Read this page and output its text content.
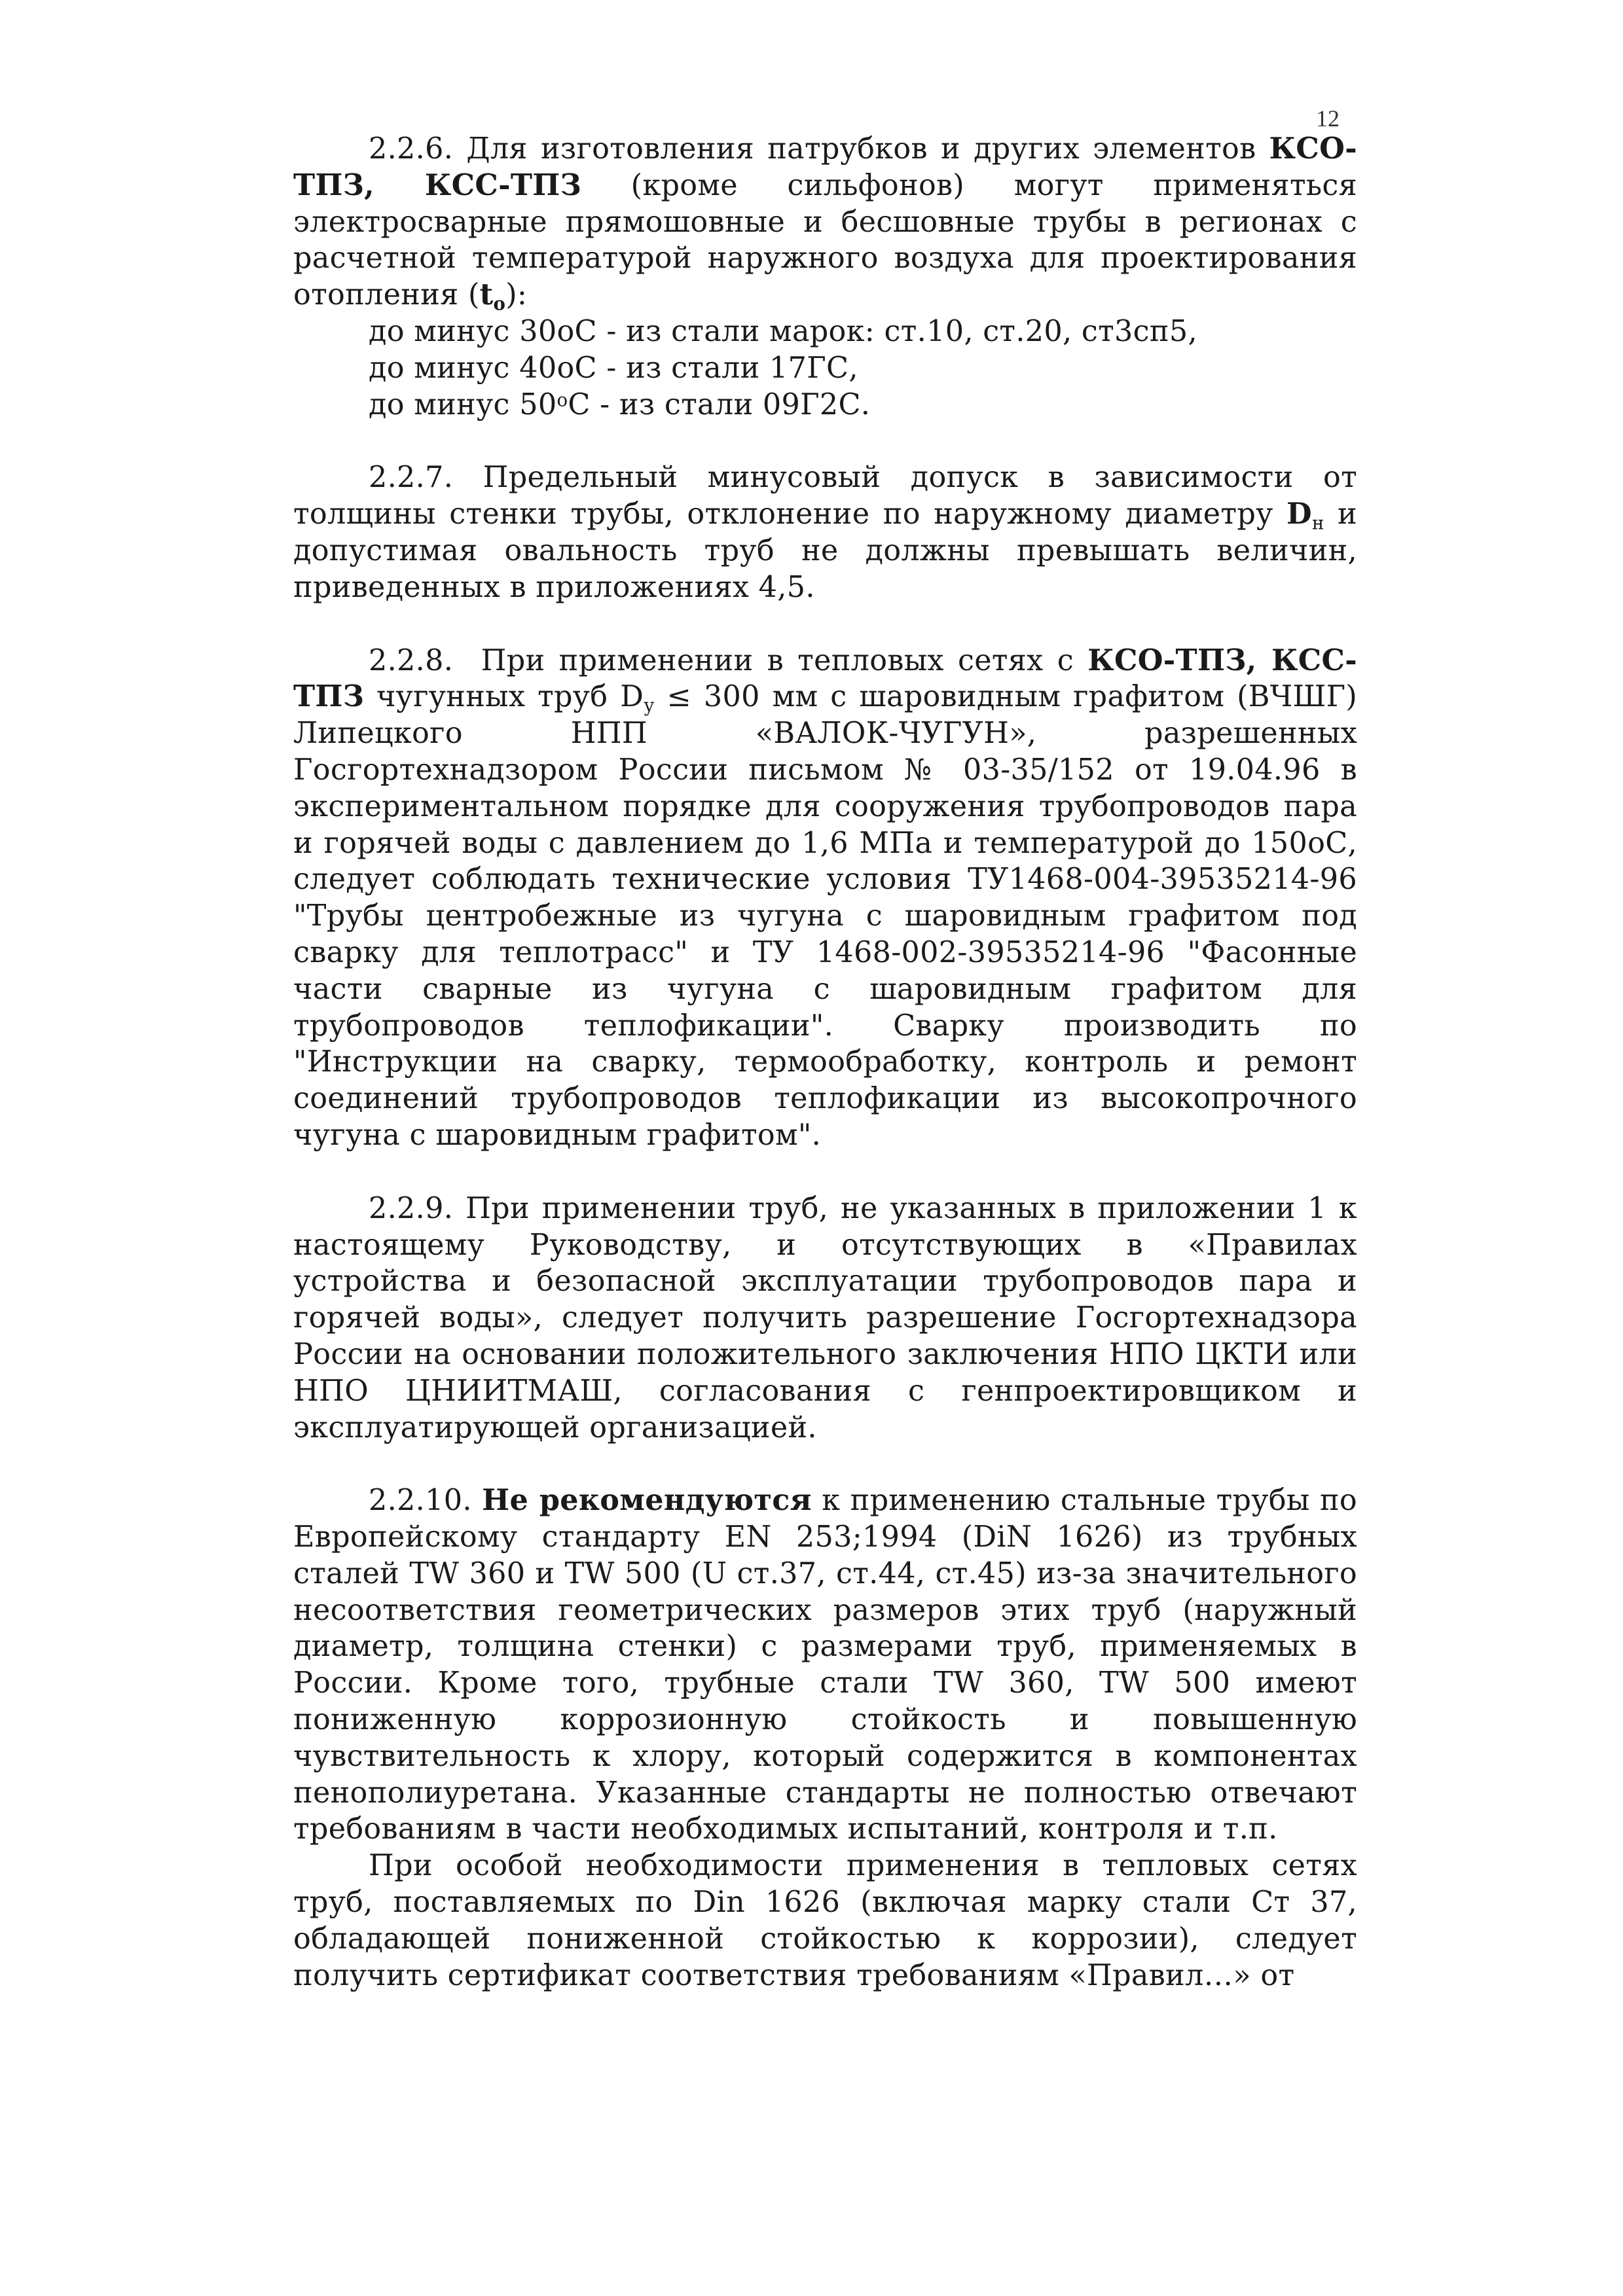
12

2.2.6. Для изготовления патрубков и других элементов КСО-ТПЗ, КСС-ТПЗ (кроме сильфонов) могут применяться электросварные прямошовные и бесшовные трубы в регионах с расчетной температурой наружного воздуха для проектирования отопления $(t_o)$:

до минус 30оС - из стали марок: ст.10, ст.20, ст3сп5,

до минус 40оС - из стали 17ГС,

до минус $50^оС$ - из стали 09Г2С.

2.2.7. Предельный минусовый допуск в зависимости от толщины стенки трубы, отклонение по наружному диаметру $D_н$ и допустимая овальность труб не должны превышать величин, приведенных в приложениях 4,5.

2.2.8. При применении в тепловых сетях с КСО-ТПЗ, КСС-ТПЗ чугунных труб $D_у \le 300$ мм с шаровидным графитом (ВЧШГ) Липецкого НПП «ВАЛОК-ЧУГУН», разрешенных Госгортехнадзором России письмом № 03-35/152 от 19.04.96 в экспериментальном порядке для сооружения трубопроводов пара и горячей воды с давлением до 1,6 МПа и температурой до 150оС, следует соблюдать технические условия ТУ1468-004-39535214-96 "Трубы центробежные из чугуна с шаровидным графитом под сварку для теплотрасс" и ТУ 1468-002-39535214-96 "Фасонные части сварные из чугуна с шаровидным графитом для трубопроводов теплофикации". Сварку производить по "Инструкции на сварку, термообработку, контроль и ремонт соединений трубопроводов теплофикации из высокопрочного чугуна с шаровидным графитом".

2.2.9. При применении труб, не указанных в приложении 1 к настоящему Руководству, и отсутствующих в «Правилах устройства и безопасной эксплуатации трубопроводов пара и горячей воды», следует получить разрешение Госгортехнадзора России на основании положительного заключения НПО ЦКТИ или НПО ЦНИИТМАШ, согласования с генпроектировщиком и эксплуатирующей организацией.

2.2.10. Не рекомендуются к применению стальные трубы по Европейскому стандарту EN 253;1994 (DiN 1626) из трубных сталей TW 360 и TW 500 (U ст.37, ст.44, ст.45) из-за значительного несоответствия геометрических размеров этих труб (наружный диаметр, толщина стенки) с размерами труб, применяемых в России. Кроме того, трубные стали TW 360, TW 500 имеют пониженную коррозионную стойкость и повышенную чувствительность к хлору, который содержится в компонентах пенополиуретана. Указанные стандарты не полностью отвечают требованиям в части необходимых испытаний, контроля и т.п.

При особой необходимости применения в тепловых сетях труб, поставляемых по Din 1626 (включая марку стали Ст 37, обладающей пониженной стойкостью к коррозии), следует получить сертификат соответствия требованиям «Правил…» от
